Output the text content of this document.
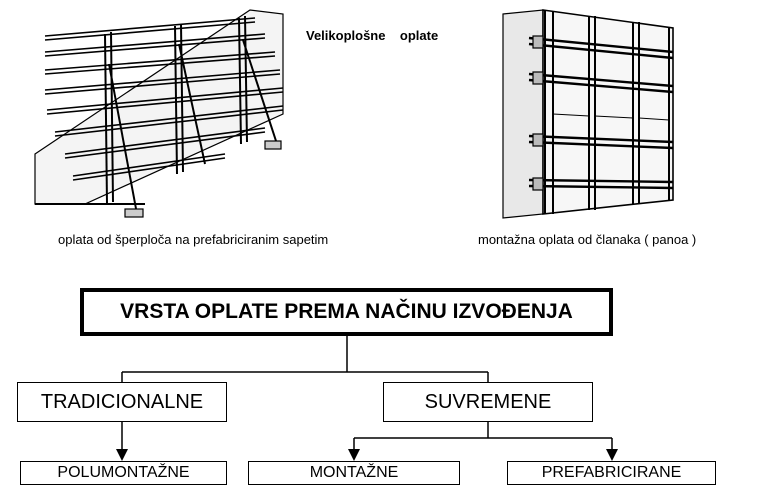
Velikoplošne    oplate
oplata od šperploča na prefabriciranim sapetim	montažna oplata od članaka ( panoa )
VRSTA OPLATE PREMA NAČINU IZVOĐENJA
TRADICIONALNE	SUVREMENE
POLUMONTAŽNE	MONTAŽNE	PREFABRICIRANE
